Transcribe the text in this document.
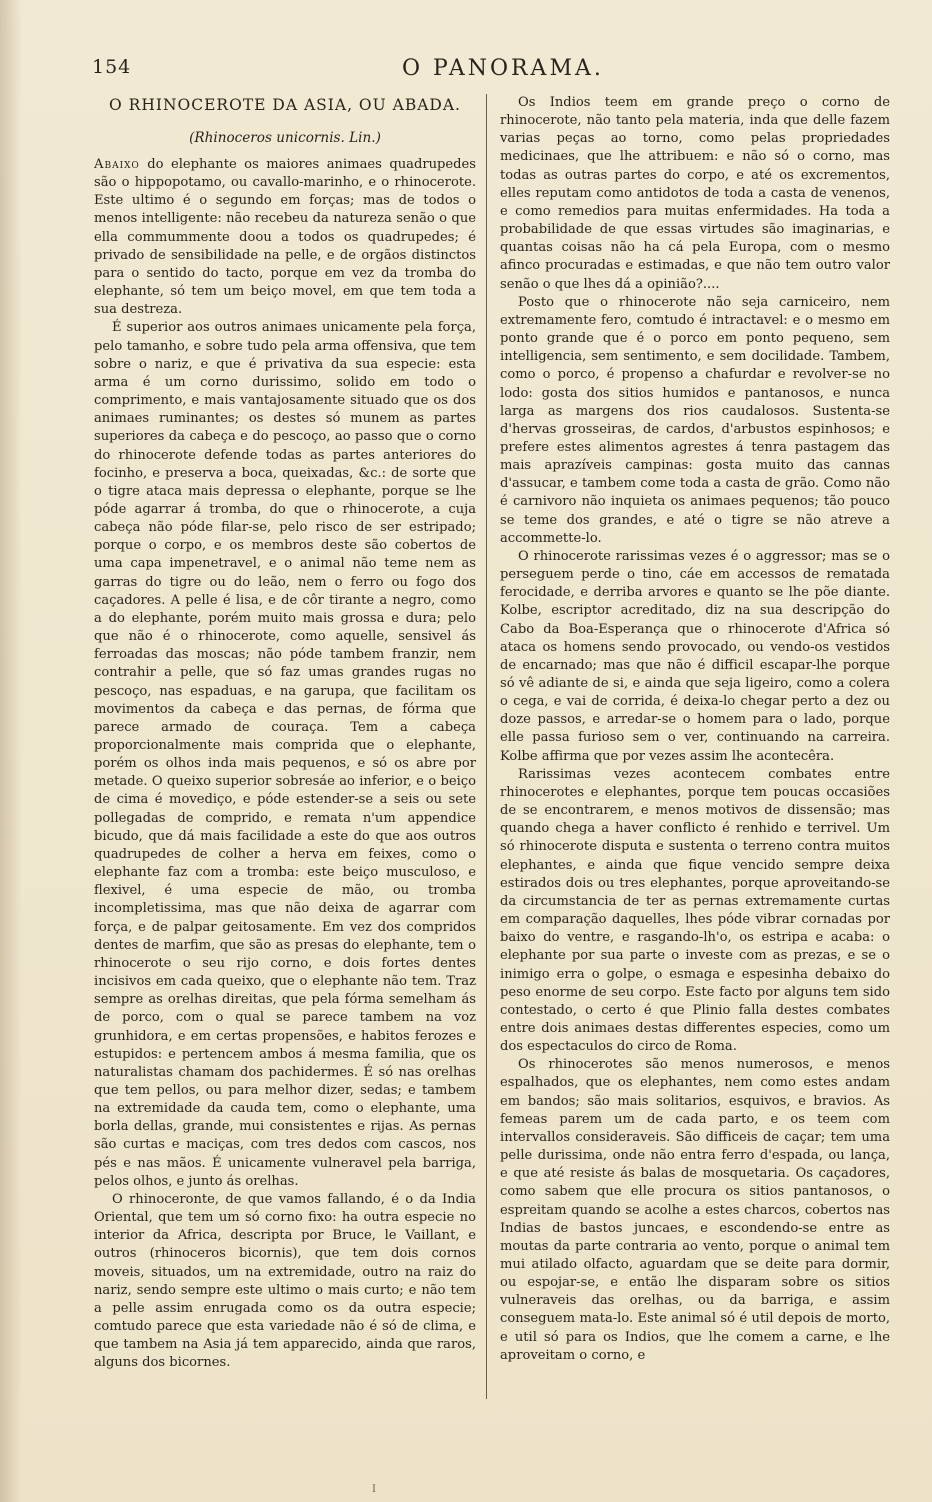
154	O PANORAMA.
O RHINOCEROTE DA ASIA, OU ABADA.
(Rhinoceros unicornis. Lin.)

Abaixo do elephante os maiores animaes quadrupedes são o hippopotamo, ou cavallo-marinho, e o rhinocerote. Este ultimo é o segundo em forças; mas de todos o menos intelligente: não recebeu da natureza senão o que ella commummente doou a todos os quadrupedes; é privado de sensibilidade na pelle, e de orgãos distinctos para o sentido do tacto, porque em vez da tromba do elephante, só tem um beiço movel, em que tem toda a sua destreza.

É superior aos outros animaes unicamente pela força, pelo tamanho, e sobre tudo pela arma offensiva, que tem sobre o nariz, e que é privativa da sua especie: esta arma é um corno durissimo, solido em todo o comprimento, e mais vantajosamente situado que os dos animaes ruminantes; os destes só munem as partes superiores da cabeça e do pescoço, ao passo que o corno do rhinocerote defende todas as partes anteriores do focinho, e preserva a boca, queixadas, &c.: de sorte que o tigre ataca mais depressa o elephante, porque se lhe póde agarrar á tromba, do que o rhinocerote, a cuja cabeça não póde filar-se, pelo risco de ser estripado; porque o corpo, e os membros deste são cobertos de uma capa impenetravel, e o animal não teme nem as garras do tigre ou do leão, nem o ferro ou fogo dos caçadores. A pelle é lisa, e de côr tirante a negro, como a do elephante, porém muito mais grossa e dura; pelo que não é o rhinocerote, como aquelle, sensivel ás ferroadas das moscas; não póde tambem franzir, nem contrahir a pelle, que só faz umas grandes rugas no pescoço, nas espaduas, e na garupa, que facilitam os movimentos da cabeça e das pernas, de fórma que parece armado de couraça. Tem a cabeça proporcionalmente mais comprida que o elephante, porém os olhos inda mais pequenos, e só os abre por metade. O queixo superior sobresáe ao inferior, e o beiço de cima é movediço, e póde estender-se a seis ou sete pollegadas de comprido, e remata n'um appendice bicudo, que dá mais facilidade a este do que aos outros quadrupedes de colher a herva em feixes, como o elephante faz com a tromba: este beiço musculoso, e flexivel, é uma especie de mão, ou tromba incompletissima, mas que não deixa de agarrar com força, e de palpar geitosamente. Em vez dos compridos dentes de marfim, que são as presas do elephante, tem o rhinocerote o seu rijo corno, e dois fortes dentes incisivos em cada queixo, que o elephante não tem. Traz sempre as orelhas direitas, que pela fórma semelham ás de porco, com o qual se parece tambem na voz grunhidora, e em certas propensões, e habitos ferozes e estupidos: e pertencem ambos á mesma familia, que os naturalistas chamam dos pachidermes. É só nas orelhas que tem pellos, ou para melhor dizer, sedas; e tambem na extremidade da cauda tem, como o elephante, uma borla dellas, grande, mui consistentes e rijas. As pernas são curtas e maciças, com tres dedos com cascos, nos pés e nas mãos. É unicamente vulneravel pela barriga, pelos olhos, e junto ás orelhas.

O rhinoceronte, de que vamos fallando, é o da India Oriental, que tem um só corno fixo: ha outra especie no interior da Africa, descripta por Bruce, le Vaillant, e outros (rhinoceros bicornis), que tem dois cornos moveis, situados, um na extremidade, outro na raiz do nariz, sendo sempre este ultimo o mais curto; e não tem a pelle assim enrugada como os da outra especie; comtudo parece que esta variedade não é só de clima, e que tambem na Asia já tem apparecido, ainda que raros, alguns dos bicornes.

Os Indios teem em grande preço o corno de rhinocerote, não tanto pela materia, inda que delle fazem varias peças ao torno, como pelas propriedades medicinaes, que lhe attribuem: e não só o corno, mas todas as outras partes do corpo, e até os excrementos, elles reputam como antidotos de toda a casta de venenos, e como remedios para muitas enfermidades. Ha toda a probabilidade de que essas virtudes são imaginarias, e quantas coisas não ha cá pela Europa, com o mesmo afinco procuradas e estimadas, e que não tem outro valor senão o que lhes dá a opinião?....

Posto que o rhinocerote não seja carniceiro, nem extremamente fero, comtudo é intractavel: e o mesmo em ponto grande que é o porco em ponto pequeno, sem intelligencia, sem sentimento, e sem docilidade. Tambem, como o porco, é propenso a chafurdar e revolver-se no lodo: gosta dos sitios humidos e pantanosos, e nunca larga as margens dos rios caudalosos. Sustenta-se d'hervas grosseiras, de cardos, d'arbustos espinhosos; e prefere estes alimentos agrestes á tenra pastagem das mais aprazíveis campinas: gosta muito das cannas d'assucar, e tambem come toda a casta de grão. Como não é carnivoro não inquieta os animaes pequenos; tão pouco se teme dos grandes, e até o tigre se não atreve a accommette-lo.

O rhinocerote rarissimas vezes é o aggressor; mas se o perseguem perde o tino, cáe em accessos de rematada ferocidade, e derriba arvores e quanto se lhe põe diante. Kolbe, escriptor acreditado, diz na sua descripção do Cabo da Boa-Esperança que o rhinocerote d'Africa só ataca os homens sendo provocado, ou vendo-os vestidos de encarnado; mas que não é difficil escapar-lhe porque só vê adiante de si, e ainda que seja ligeiro, como a colera o cega, e vai de corrida, é deixa-lo chegar perto a dez ou doze passos, e arredar-se o homem para o lado, porque elle passa furioso sem o ver, continuando na carreira. Kolbe affirma que por vezes assim lhe acontecêra.

Rarissimas vezes acontecem combates entre rhinocerotes e elephantes, porque tem poucas occasiões de se encontrarem, e menos motivos de dissensão; mas quando chega a haver conflicto é renhido e terrivel. Um só rhinocerote disputa e sustenta o terreno contra muitos elephantes, e ainda que fique vencido sempre deixa estirados dois ou tres elephantes, porque aproveitando-se da circumstancia de ter as pernas extremamente curtas em comparação daquelles, lhes póde vibrar cornadas por baixo do ventre, e rasgando-lh'o, os estripa e acaba: o elephante por sua parte o investe com as prezas, e se o inimigo erra o golpe, o esmaga e espesinha debaixo do peso enorme de seu corpo. Este facto por alguns tem sido contestado, o certo é que Plinio falla destes combates entre dois animaes destas differentes especies, como um dos espectaculos do circo de Roma.

Os rhinocerotes são menos numerosos, e menos espalhados, que os elephantes, nem como estes andam em bandos; são mais solitarios, esquivos, e bravios. As femeas parem um de cada parto, e os teem com intervallos consideraveis. São difficeis de caçar; tem uma pelle durissima, onde não entra ferro d'espada, ou lança, e que até resiste ás balas de mosquetaria. Os caçadores, como sabem que elle procura os sitios pantanosos, o espreitam quando se acolhe a estes charcos, cobertos nas Indias de bastos juncaes, e escondendo-se entre as moutas da parte contraria ao vento, porque o animal tem mui atilado olfacto, aguardam que se deite para dormir, ou espojar-se, e então lhe disparam sobre os sitios vulneraveis das orelhas, ou da barriga, e assim conseguem mata-lo. Este animal só é util depois de morto, e util só para os Indios, que lhe comem a carne, e lhe aproveitam o corno, e

I
